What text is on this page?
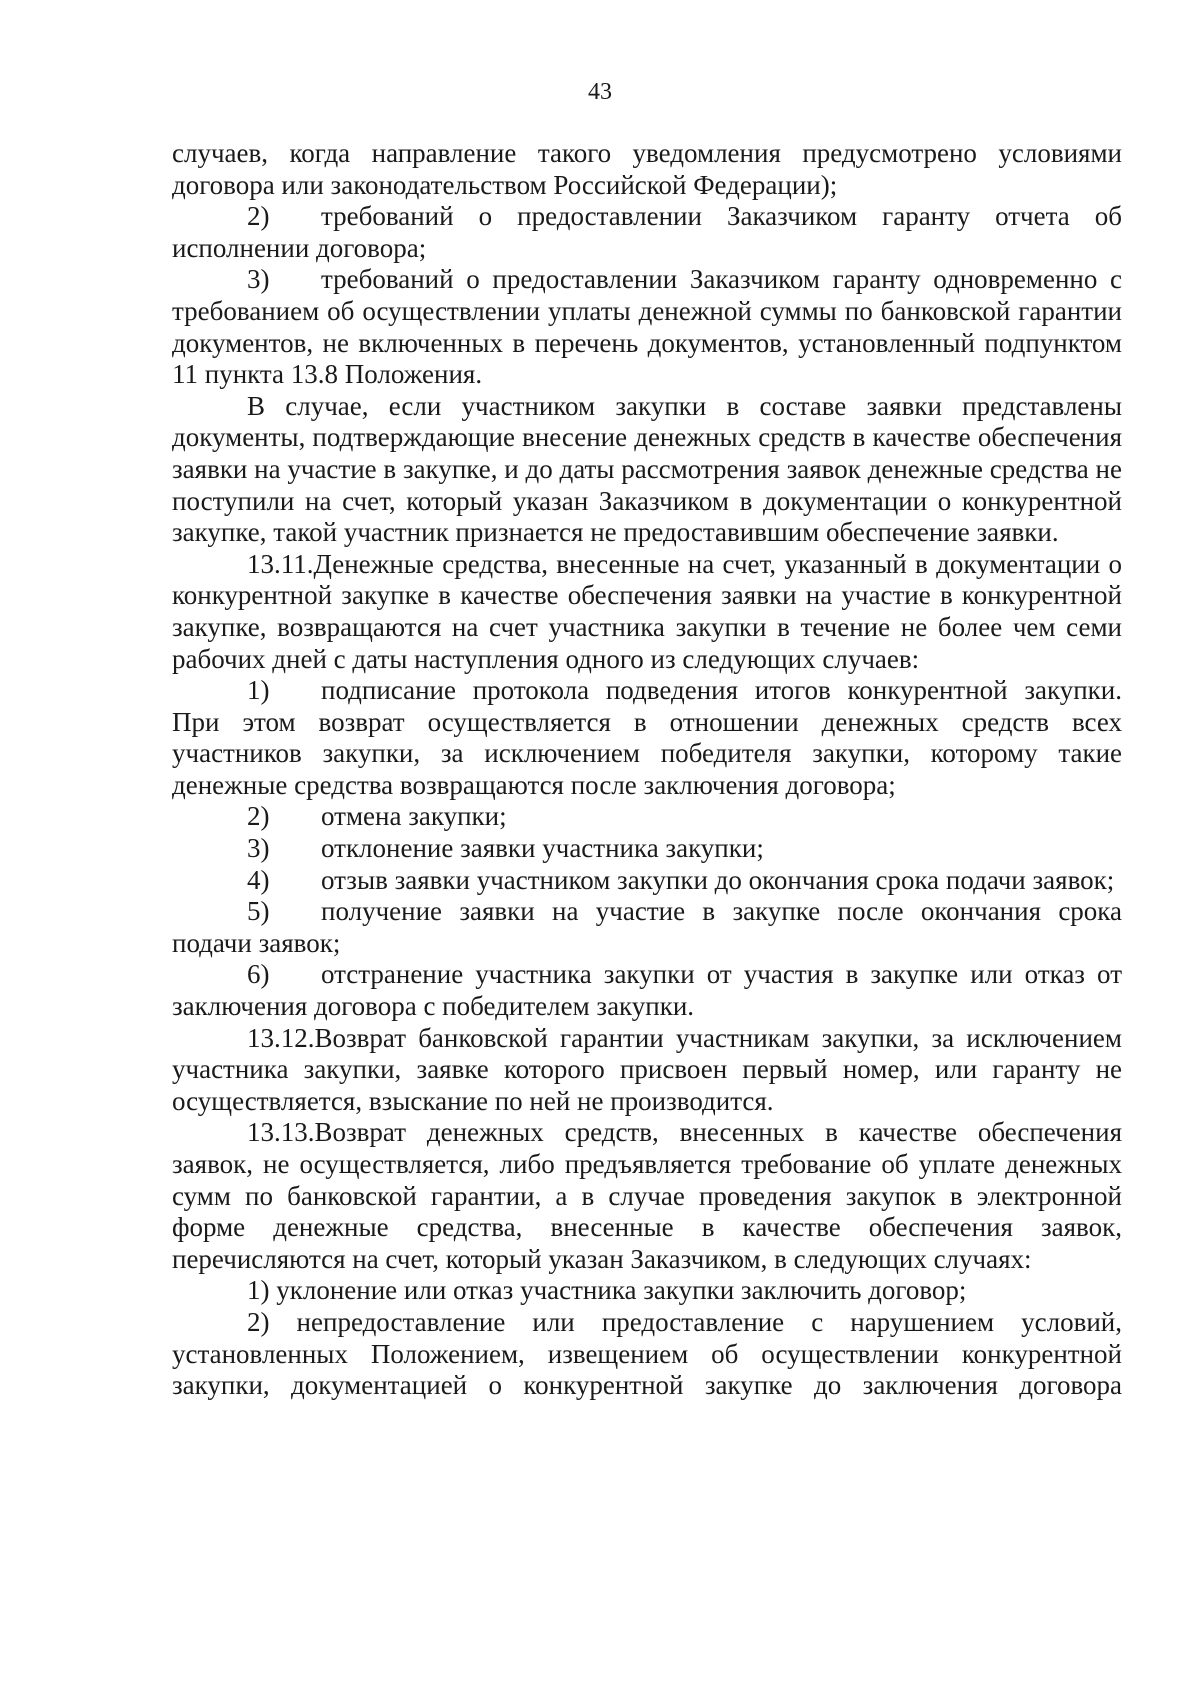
43

случаев, когда направление такого уведомления предусмотрено условиями договора или законодательством Российской Федерации);

2) требований о предоставлении Заказчиком гаранту отчета об исполнении договора;

3) требований о предоставлении Заказчиком гаранту одновременно с требованием об осуществлении уплаты денежной суммы по банковской гарантии документов, не включенных в перечень документов, установленный подпунктом 11 пункта 13.8 Положения.

В случае, если участником закупки в составе заявки представлены документы, подтверждающие внесение денежных средств в качестве обеспечения заявки на участие в закупке, и до даты рассмотрения заявок денежные средства не поступили на счет, который указан Заказчиком в документации о конкурентной закупке, такой участник признается не предоставившим обеспечение заявки.

13.11.Денежные средства, внесенные на счет, указанный в документации о конкурентной закупке в качестве обеспечения заявки на участие в конкурентной закупке, возвращаются на счет участника закупки в течение не более чем семи рабочих дней с даты наступления одного из следующих случаев:

1) подписание протокола подведения итогов конкурентной закупки. При этом возврат осуществляется в отношении денежных средств всех участников закупки, за исключением победителя закупки, которому такие денежные средства возвращаются после заключения договора;

2) отмена закупки;

3) отклонение заявки участника закупки;

4) отзыв заявки участником закупки до окончания срока подачи заявок;

5) получение заявки на участие в закупке после окончания срока подачи заявок;

6) отстранение участника закупки от участия в закупке или отказ от заключения договора с победителем закупки.

13.12.Возврат банковской гарантии участникам закупки, за исключением участника закупки, заявке которого присвоен первый номер, или гаранту не осуществляется, взыскание по ней не производится.

13.13.Возврат денежных средств, внесенных в качестве обеспечения заявок, не осуществляется, либо предъявляется требование об уплате денежных сумм по банковской гарантии, а в случае проведения закупок в электронной форме денежные средства, внесенные в качестве обеспечения заявок, перечисляются на счет, который указан Заказчиком, в следующих случаях:

1) уклонение или отказ участника закупки заключить договор;

2) непредоставление или предоставление с нарушением условий, установленных Положением, извещением об осуществлении конкурентной закупки, документацией о конкурентной закупке до заключения договора
